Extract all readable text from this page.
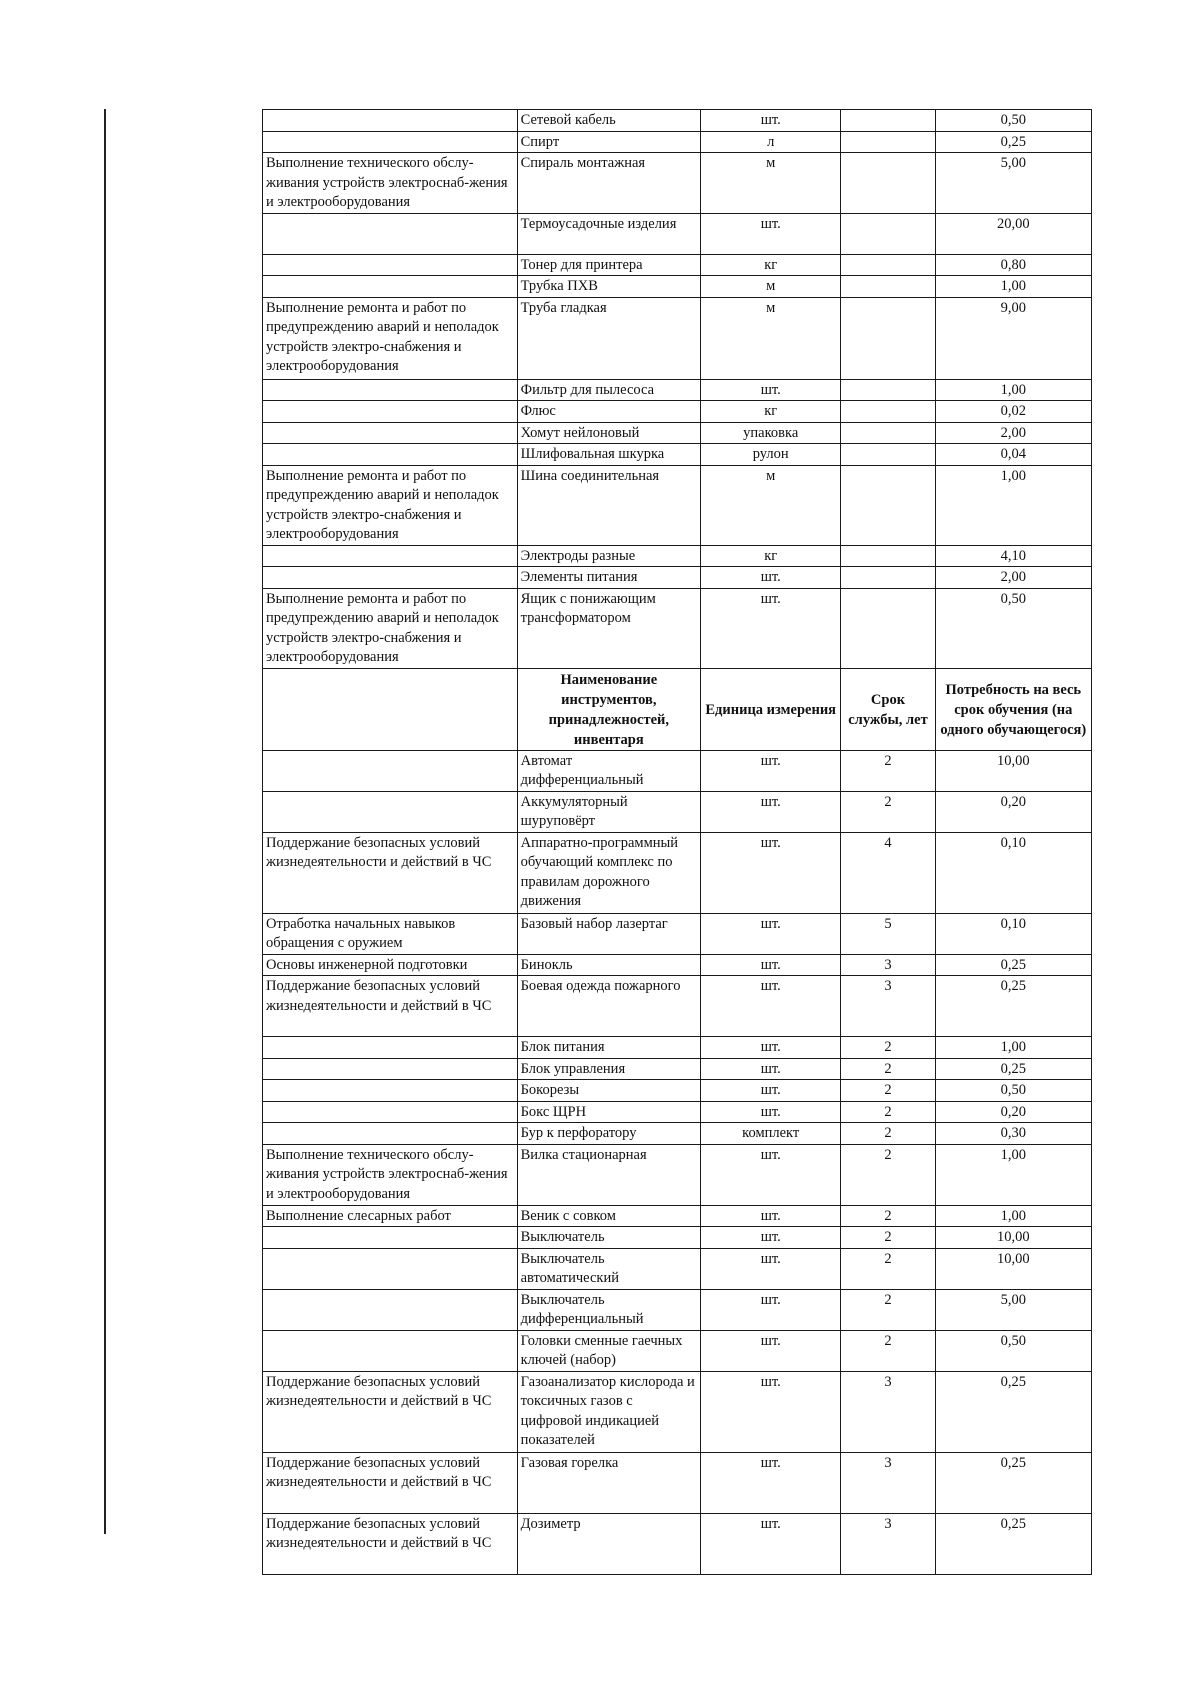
	Сетевой кабель	шт.		0,50
	Спирт	л		0,25
Выполнение технического обслу-живания устройств электроснаб-жения и электрооборудования	Спираль монтажная	м		5,00
	Термоусадочные изделия	шт.		20,00
	Тонер для принтера	кг		0,80
	Трубка ПХВ	м		1,00
Выполнение ремонта и работ по предупреждению аварий и неполадок устройств электро-снабжения и электрооборудования	Труба гладкая	м		9,00
	Фильтр для пылесоса	шт.		1,00
	Флюс	кг		0,02
	Хомут нейлоновый	упаковка		2,00
	Шлифовальная шкурка	рулон		0,04
Выполнение ремонта и работ по предупреждению аварий и неполадок устройств электро-снабжения и электрооборудования	Шина соединительная	м		1,00
	Электроды разные	кг		4,10
	Элементы питания	шт.		2,00
Выполнение ремонта и работ по предупреждению аварий и неполадок устройств электро-снабжения и электрооборудования	Ящик с понижающим трансформатором	шт.		0,50
	Наименование инструментов, принадлежностей, инвентаря	Единица измерения	Срок службы, лет	Потребность на весь срок обучения (на одного обучающегося)
	Автомат дифференциальный	шт.	2	10,00
	Аккумуляторный шуруповёрт	шт.	2	0,20
Поддержание безопасных условий жизнедеятельности и действий в ЧС	Аппаратно-программный обучающий комплекс по правилам дорожного движения	шт.	4	0,10
Отработка начальных навыков обращения с оружием	Базовый набор лазертаг	шт.	5	0,10
Основы инженерной подготовки	Бинокль	шт.	3	0,25
Поддержание безопасных условий жизнедеятельности и действий в ЧС	Боевая одежда пожарного	шт.	3	0,25
	Блок питания	шт.	2	1,00
	Блок управления	шт.	2	0,25
	Бокорезы	шт.	2	0,50
	Бокс ЩРН	шт.	2	0,20
	Бур к перфоратору	комплект	2	0,30
Выполнение технического обслу-живания устройств электроснаб-жения и электрооборудования	Вилка стационарная	шт.	2	1,00
Выполнение слесарных работ	Веник с совком	шт.	2	1,00
	Выключатель	шт.	2	10,00
	Выключатель автоматический	шт.	2	10,00
	Выключатель дифференциальный	шт.	2	5,00
	Головки сменные гаечных ключей (набор)	шт.	2	0,50
Поддержание безопасных условий жизнедеятельности и действий в ЧС	Газоанализатор кислорода и токсичных газов с цифровой индикацией показателей	шт.	3	0,25
Поддержание безопасных условий жизнедеятельности и действий в ЧС	Газовая горелка	шт.	3	0,25
Поддержание безопасных условий жизнедеятельности и действий в ЧС	Дозиметр	шт.	3	0,25
